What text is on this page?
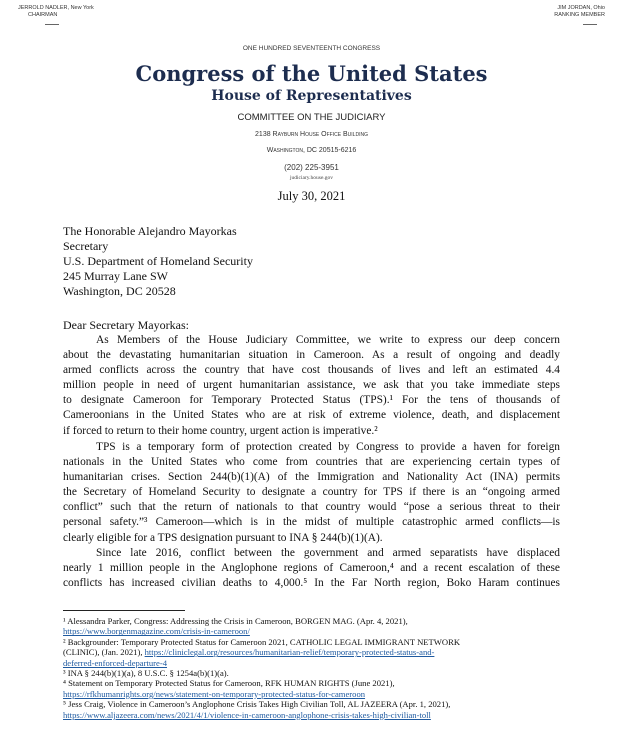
JERROLD NADLER, New York
CHAIRMAN
JIM JORDAN, Ohio
RANKING MEMBER
ONE HUNDRED SEVENTEENTH CONGRESS
Congress of the United States
House of Representatives
COMMITTEE ON THE JUDICIARY
2138 Rayburn House Office Building
Washington, DC 20515-6216
(202) 225-3951
judiciary.house.gov
July 30, 2021
The Honorable Alejandro Mayorkas
Secretary
U.S. Department of Homeland Security
245 Murray Lane SW
Washington, DC 20528
Dear Secretary Mayorkas:
As Members of the House Judiciary Committee, we write to express our deep concern
about the devastating humanitarian situation in Cameroon. As a result of ongoing and deadly
armed conflicts across the country that have cost thousands of lives and left an estimated 4.4
million people in need of urgent humanitarian assistance, we ask that you take immediate steps
to designate Cameroon for Temporary Protected Status (TPS).¹ For the tens of thousands of
Cameroonians in the United States who are at risk of extreme violence, death, and displacement
if forced to return to their home country, urgent action is imperative.²
TPS is a temporary form of protection created by Congress to provide a haven for foreign
nationals in the United States who come from countries that are experiencing certain types of
humanitarian crises. Section 244(b)(1)(A) of the Immigration and Nationality Act (INA) permits
the Secretary of Homeland Security to designate a country for TPS if there is an “ongoing armed
conflict” such that the return of nationals to that country would “pose a serious threat to their
personal safety.”³ Cameroon—which is in the midst of multiple catastrophic armed conflicts—is
clearly eligible for a TPS designation pursuant to INA § 244(b)(1)(A).
Since late 2016, conflict between the government and armed separatists have displaced
nearly 1 million people in the Anglophone regions of Cameroon,⁴ and a recent escalation of these
conflicts has increased civilian deaths to 4,000.⁵ In the Far North region, Boko Haram continues
¹ Alessandra Parker, Congress: Addressing the Crisis in Cameroon, BORGEN MAG. (Apr. 4, 2021),
https://www.borgenmagazine.com/crisis-in-cameroon/
² Backgrounder: Temporary Protected Status for Cameroon 2021, CATHOLIC LEGAL IMMIGRANT NETWORK
(CLINIC), (Jan. 2021), https://cliniclegal.org/resources/humanitarian-relief/temporary-protected-status-and-
deferred-enforced-departure-4
³ INA § 244(b)(1)(a), 8 U.S.C. § 1254a(b)(1)(a).
⁴ Statement on Temporary Protected Status for Cameroon, RFK HUMAN RIGHTS (June 2021),
https://rfkhumanrights.org/news/statement-on-temporary-protected-status-for-cameroon
⁵ Jess Craig, Violence in Cameroon’s Anglophone Crisis Takes High Civilian Toll, AL JAZEERA (Apr. 1, 2021),
https://www.aljazeera.com/news/2021/4/1/violence-in-cameroon-anglophone-crisis-takes-high-civilian-toll
